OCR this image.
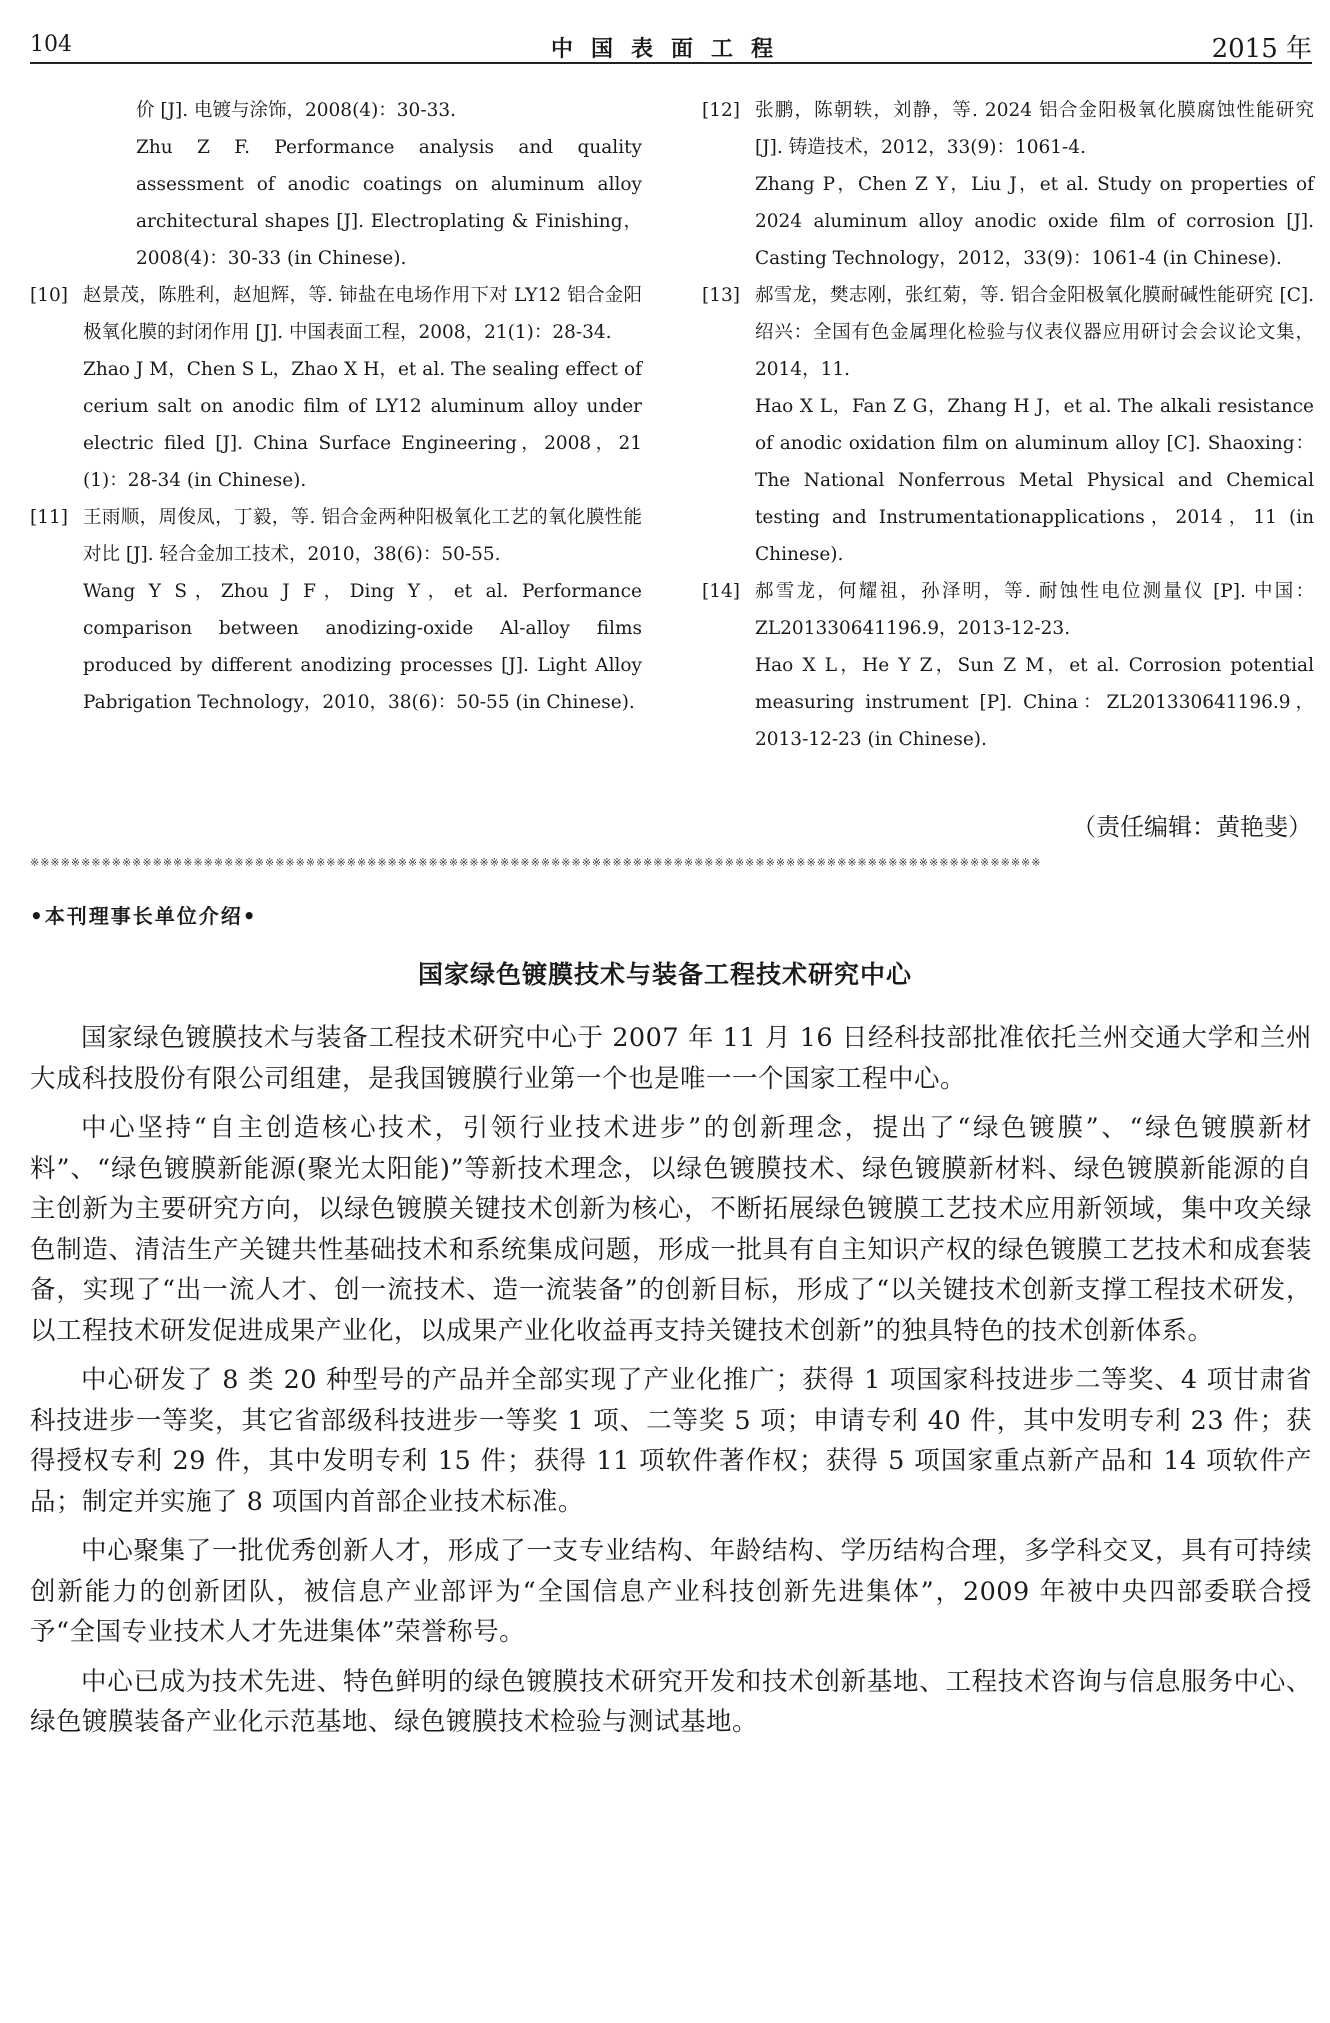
104	中国表面工程	2015 年

价 [J]. 电镀与涂饰，2008(4)：30-33.

Zhu Z F. Performance analysis and quality assessment of anodic coatings on aluminum alloy architectural shapes [J]. Electroplating & Finishing，2008(4)：30-33 (in Chinese).

[10] 赵景茂，陈胜利，赵旭辉，等. 铈盐在电场作用下对 LY12 铝合金阳极氧化膜的封闭作用 [J]. 中国表面工程，2008，21(1)：28-34.

Zhao J M，Chen S L，Zhao X H，et al. The sealing effect of cerium salt on anodic film of LY12 aluminum alloy under electric filed [J]. China Surface Engineering，2008，21 (1)：28-34 (in Chinese).

[11] 王雨顺，周俊凤，丁毅，等. 铝合金两种阳极氧化工艺的氧化膜性能对比 [J]. 轻合金加工技术，2010，38(6)：50-55.

Wang Y S，Zhou J F，Ding Y，et al. Performance comparison between anodizing-oxide Al-alloy films produced by different anodizing processes [J]. Light Alloy Pabrigation Technology，2010，38(6)：50-55 (in Chinese).

[12] 张鹏，陈朝轶，刘静，等. 2024 铝合金阳极氧化膜腐蚀性能研究 [J]. 铸造技术，2012，33(9)：1061-4.

Zhang P，Chen Z Y，Liu J，et al. Study on properties of 2024 aluminum alloy anodic oxide film of corrosion [J]. Casting Technology，2012，33(9)：1061-4 (in Chinese).

[13] 郝雪龙，樊志刚，张红菊，等. 铝合金阳极氧化膜耐碱性能研究 [C]. 绍兴：全国有色金属理化检验与仪表仪器应用研讨会会议论文集，2014，11.

Hao X L，Fan Z G，Zhang H J，et al. The alkali resistance of anodic oxidation film on aluminum alloy [C]. Shaoxing：The National Nonferrous Metal Physical and Chemical testing and Instrumentationapplications，2014，11 (in Chinese).

[14] 郝雪龙，何耀祖，孙泽明，等. 耐蚀性电位测量仪 [P]. 中国：ZL201330641196.9，2013-12-23.

Hao X L，He Y Z，Sun Z M，et al. Corrosion potential measuring instrument [P]. China：ZL201330641196.9，2013-12-23 (in Chinese).

（责任编辑：黄艳斐）
※※※※※※※※※※※※※※※※※※※※※※※※※※※※※※※※※※※※※※※※※※※※※※※※※※※※※※※※※※※※※※※※※※※※※※※※※※※※※※※※※※※※※※※※※※※※※※※※※※※
•本刊理事长单位介绍•
国家绿色镀膜技术与装备工程技术研究中心

国家绿色镀膜技术与装备工程技术研究中心于 2007 年 11 月 16 日经科技部批准依托兰州交通大学和兰州大成科技股份有限公司组建，是我国镀膜行业第一个也是唯一一个国家工程中心。

中心坚持“自主创造核心技术，引领行业技术进步”的创新理念，提出了“绿色镀膜”、“绿色镀膜新材料”、“绿色镀膜新能源(聚光太阳能)”等新技术理念，以绿色镀膜技术、绿色镀膜新材料、绿色镀膜新能源的自主创新为主要研究方向，以绿色镀膜关键技术创新为核心，不断拓展绿色镀膜工艺技术应用新领域，集中攻关绿色制造、清洁生产关键共性基础技术和系统集成问题，形成一批具有自主知识产权的绿色镀膜工艺技术和成套装备，实现了“出一流人才、创一流技术、造一流装备”的创新目标，形成了“以关键技术创新支撑工程技术研发，以工程技术研发促进成果产业化，以成果产业化收益再支持关键技术创新”的独具特色的技术创新体系。

中心研发了 8 类 20 种型号的产品并全部实现了产业化推广；获得 1 项国家科技进步二等奖、4 项甘肃省科技进步一等奖，其它省部级科技进步一等奖 1 项、二等奖 5 项；申请专利 40 件，其中发明专利 23 件；获得授权专利 29 件，其中发明专利 15 件；获得 11 项软件著作权；获得 5 项国家重点新产品和 14 项软件产品；制定并实施了 8 项国内首部企业技术标准。

中心聚集了一批优秀创新人才，形成了一支专业结构、年龄结构、学历结构合理，多学科交叉，具有可持续创新能力的创新团队，被信息产业部评为“全国信息产业科技创新先进集体”，2009 年被中央四部委联合授予“全国专业技术人才先进集体”荣誉称号。

中心已成为技术先进、特色鲜明的绿色镀膜技术研究开发和技术创新基地、工程技术咨询与信息服务中心、绿色镀膜装备产业化示范基地、绿色镀膜技术检验与测试基地。
